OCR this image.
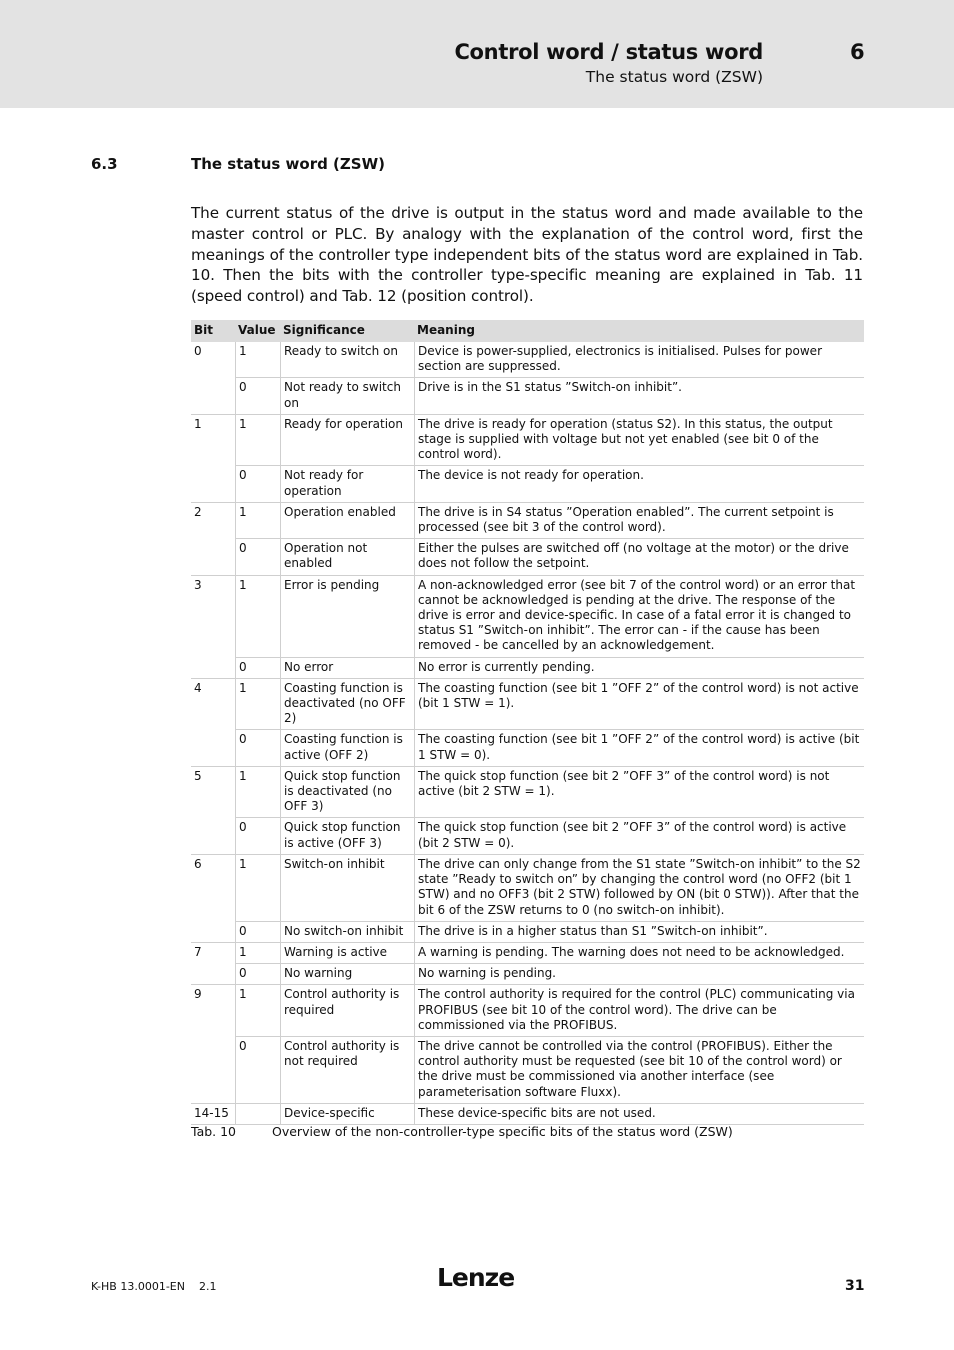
Control word / status word	6
The status word (ZSW)
6.3	The status word (ZSW)
The current status of the drive is output in the status word and made available to the master control or PLC. By analogy with the explanation of the control word, first the meanings of the controller type independent bits of the status word are explained in Tab. 10. Then the bits with the controller type-specific meaning are explained in Tab. 11 (speed control) and Tab. 12 (position control).
Bit	Value	Significance	Meaning
0	1	Ready to switch on	Device is power-supplied, electronics is initialised. Pulses for power section are suppressed.
	0	Not ready to switch on	Drive is in the S1 status ”Switch-on inhibit”.
1	1	Ready for operation	The drive is ready for operation (status S2). In this status, the output stage is supplied with voltage but not yet enabled (see bit 0 of the control word).
	0	Not ready for operation	The device is not ready for operation.
2	1	Operation enabled	The drive is in S4 status ”Operation enabled”. The current setpoint is processed (see bit 3 of the control word).
	0	Operation not enabled	Either the pulses are switched off (no voltage at the motor) or the drive does not follow the setpoint.
3	1	Error is pending	A non-acknowledged error (see bit 7 of the control word) or an error that cannot be acknowledged is pending at the drive. The response of the drive is error and device-specific. In case of a fatal error it is changed to status S1 ”Switch-on inhibit”. The error can - if the cause has been removed - be cancelled by an acknowledgement.
	0	No error	No error is currently pending.
4	1	Coasting function is deactivated (no OFF 2)	The coasting function (see bit 1 ”OFF 2” of the control word) is not active (bit 1 STW = 1).
	0	Coasting function is active (OFF 2)	The coasting function (see bit 1 ”OFF 2” of the control word) is active (bit 1 STW = 0).
5	1	Quick stop function is deactivated (no OFF 3)	The quick stop function (see bit 2 ”OFF 3” of the control word) is not active (bit 2 STW = 1).
	0	Quick stop function is active (OFF 3)	The quick stop function (see bit 2 ”OFF 3” of the control word) is active (bit 2 STW = 0).
6	1	Switch-on inhibit	The drive can only change from the S1 state ”Switch-on inhibit” to the S2 state ”Ready to switch on” by changing the control word (no OFF2 (bit 1 STW) and no OFF3 (bit 2 STW) followed by ON (bit 0 STW)). After that the bit 6 of the ZSW returns to 0 (no switch-on inhibit).
	0	No switch-on inhibit	The drive is in a higher status than S1 ”Switch-on inhibit”.
7	1	Warning is active	A warning is pending. The warning does not need to be acknowledged.
	0	No warning	No warning is pending.
9	1	Control authority is required	The control authority is required for the control (PLC) communicating via PROFIBUS (see bit 10 of the control word). The drive can be commissioned via the PROFIBUS.
	0	Control authority is not required	The drive cannot be controlled via the control (PROFIBUS). Either the control authority must be requested (see bit 10 of the control word) or the drive must be commissioned via another interface (see parameterisation software Fluxx).
14-15		Device-specific	These device-specific bits are not used.
Tab. 10	Overview of the non-controller-type specific bits of the status word (ZSW)
K-HB 13.0001-EN 2.1	Lenze	31
